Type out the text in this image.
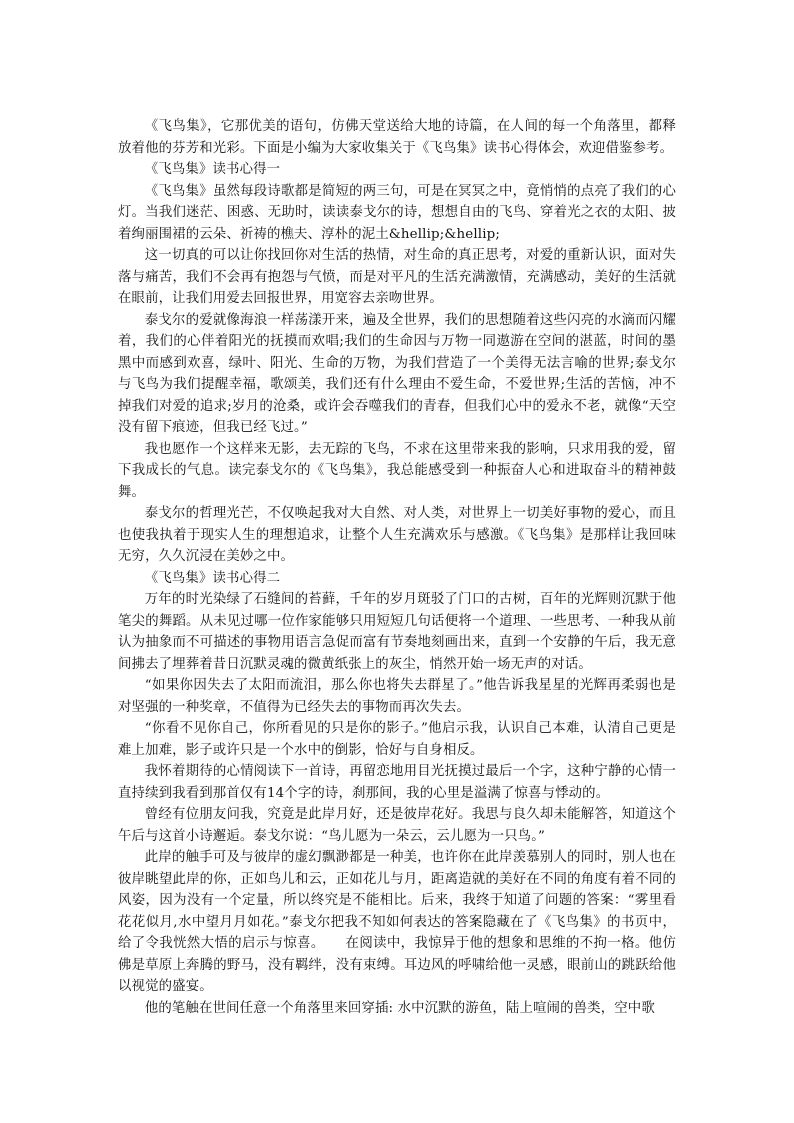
《飞鸟集》，它那优美的语句，仿佛天堂送给大地的诗篇，在人间的每一个角落里，都释放着他的芬芳和光彩。下面是小编为大家收集关于《飞鸟集》读书心得体会，欢迎借鉴参考。

《飞鸟集》读书心得一

《飞鸟集》虽然每段诗歌都是简短的两三句，可是在冥冥之中，竟悄悄的点亮了我们的心灯。当我们迷茫、困惑、无助时，读读泰戈尔的诗，想想自由的飞鸟、穿着光之衣的太阳、披着绚丽围裙的云朵、祈祷的樵夫、淳朴的泥土&hellip;&hellip;

这一切真的可以让你找回你对生活的热情，对生命的真正思考，对爱的重新认识，面对失落与痛苦，我们不会再有抱怨与气愤，而是对平凡的生活充满激情，充满感动，美好的生活就在眼前，让我们用爱去回报世界，用宽容去亲吻世界。

泰戈尔的爱就像海浪一样荡漾开来，遍及全世界，我们的思想随着这些闪亮的水滴而闪耀着，我们的心伴着阳光的抚摸而欢唱;我们的生命因与万物一同遨游在空间的湛蓝，时间的墨黑中而感到欢喜，绿叶、阳光、生命的万物，为我们营造了一个美得无法言喻的世界;泰戈尔与飞鸟为我们提醒幸福，歌颂美，我们还有什么理由不爱生命，不爱世界;生活的苦恼，冲不掉我们对爱的追求;岁月的沧桑，或许会吞噬我们的青春，但我们心中的爱永不老，就像“天空没有留下痕迹，但我已经飞过。”

我也愿作一个这样来无影，去无踪的飞鸟，不求在这里带来我的影响，只求用我的爱，留下我成长的气息。读完泰戈尔的《飞鸟集》，我总能感受到一种振奋人心和进取奋斗的精神鼓舞。

泰戈尔的哲理光芒，不仅唤起我对大自然、对人类，对世界上一切美好事物的爱心，而且也使我执着于现实人生的理想追求，让整个人生充满欢乐与感激。《飞鸟集》是那样让我回味无穷，久久沉浸在美妙之中。

《飞鸟集》读书心得二

万年的时光染绿了石缝间的苔藓，千年的岁月斑驳了门口的古树，百年的光辉则沉默于他笔尖的舞蹈。从未见过哪一位作家能够只用短短几句话便将一个道理、一些思考、一种我从前认为抽象而不可描述的事物用语言急促而富有节奏地刻画出来，直到一个安静的午后，我无意间拂去了埋葬着昔日沉默灵魂的微黄纸张上的灰尘，悄然开始一场无声的对话。

“如果你因失去了太阳而流泪，那么你也将失去群星了。”他告诉我星星的光辉再柔弱也是对坚强的一种奖章，不值得为已经失去的事物而再次失去。

“你看不见你自己，你所看见的只是你的影子。”他启示我，认识自己本难，认清自己更是难上加难，影子或许只是一个水中的倒影，恰好与自身相反。

我怀着期待的心情阅读下一首诗，再留恋地用目光抚摸过最后一个字，这种宁静的心情一直持续到我看到那首仅有14个字的诗，刹那间，我的心里是溢满了惊喜与悸动的。

曾经有位朋友问我，究竟是此岸月好，还是彼岸花好。我思与良久却未能解答，知道这个午后与这首小诗邂逅。泰戈尔说：“鸟儿愿为一朵云，云儿愿为一只鸟。”

此岸的触手可及与彼岸的虚幻飘渺都是一种美，也许你在此岸羡慕别人的同时，别人也在彼岸眺望此岸的你，正如鸟儿和云，正如花儿与月，距离造就的美好在不同的角度有着不同的风姿，因为没有一个定量，所以终究是不能相比。后来，我终于知道了问题的答案：“雾里看花花似月,水中望月月如花。”泰戈尔把我不知如何表达的答案隐藏在了《飞鸟集》的书页中，给了令我恍然大悟的启示与惊喜。　　在阅读中，我惊异于他的想象和思维的不拘一格。他仿佛是草原上奔腾的野马，没有羁绊，没有束缚。耳边风的呼啸给他一灵感，眼前山的跳跃给他以视觉的盛宴。

他的笔触在世间任意一个角落里来回穿插: 水中沉默的游鱼，陆上喧闹的兽类，空中歌
